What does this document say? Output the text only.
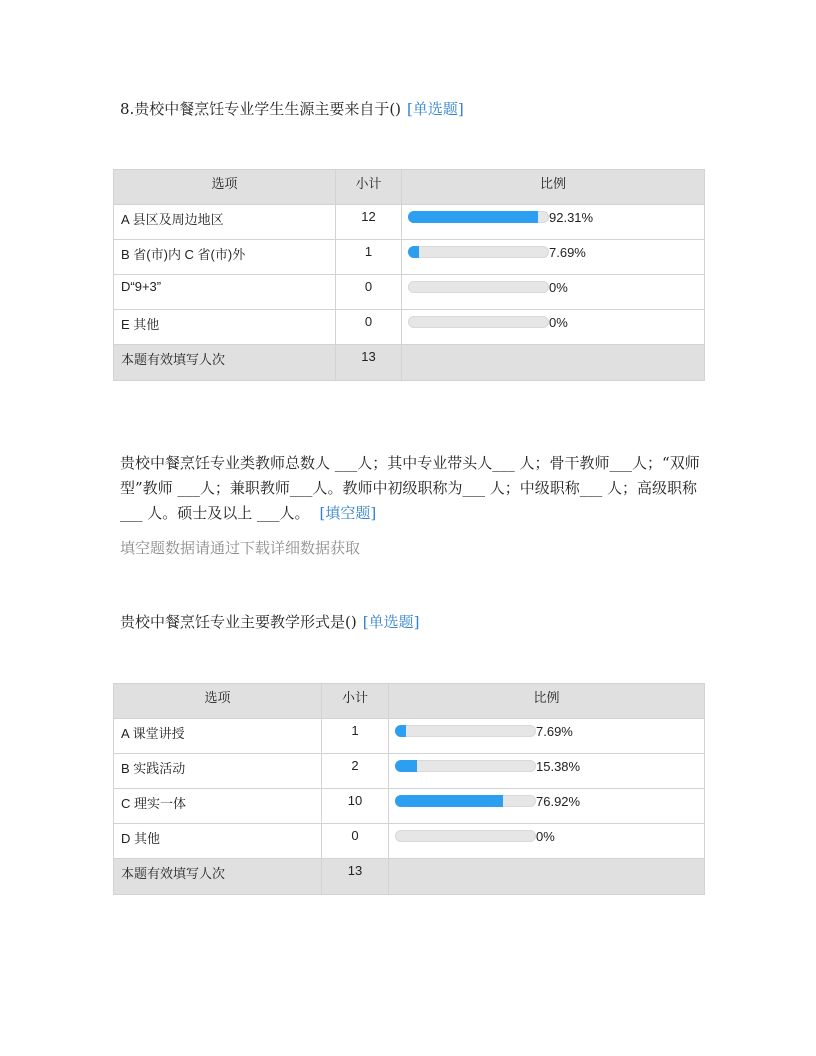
8.贵校中餐烹饪专业学生生源主要来自于() [单选题]
选项	小计	比例
A 县区及周边地区	12	92.31%

B 省(市)内 C 省(市)外	1	7.69%

D“9+3”	0	0%

E 其他	0	0%

本题有效填写人次	13	
贵校中餐烹饪专业类教师总数人 ___人；其中专业带头人___ 人；骨干教师___人；“双师型”教师 ___人；兼职教师___人。教师中初级职称为___ 人；中级职称___ 人；高级职称___ 人。硕士及以上 ___人。 [填空题]
填空题数据请通过下载详细数据获取
贵校中餐烹饪专业主要教学形式是() [单选题]
选项	小计	比例
A 课堂讲授	1	7.69%

B 实践活动	2	15.38%

C 理实一体	10	76.92%

D 其他	0	0%

本题有效填写人次	13	
